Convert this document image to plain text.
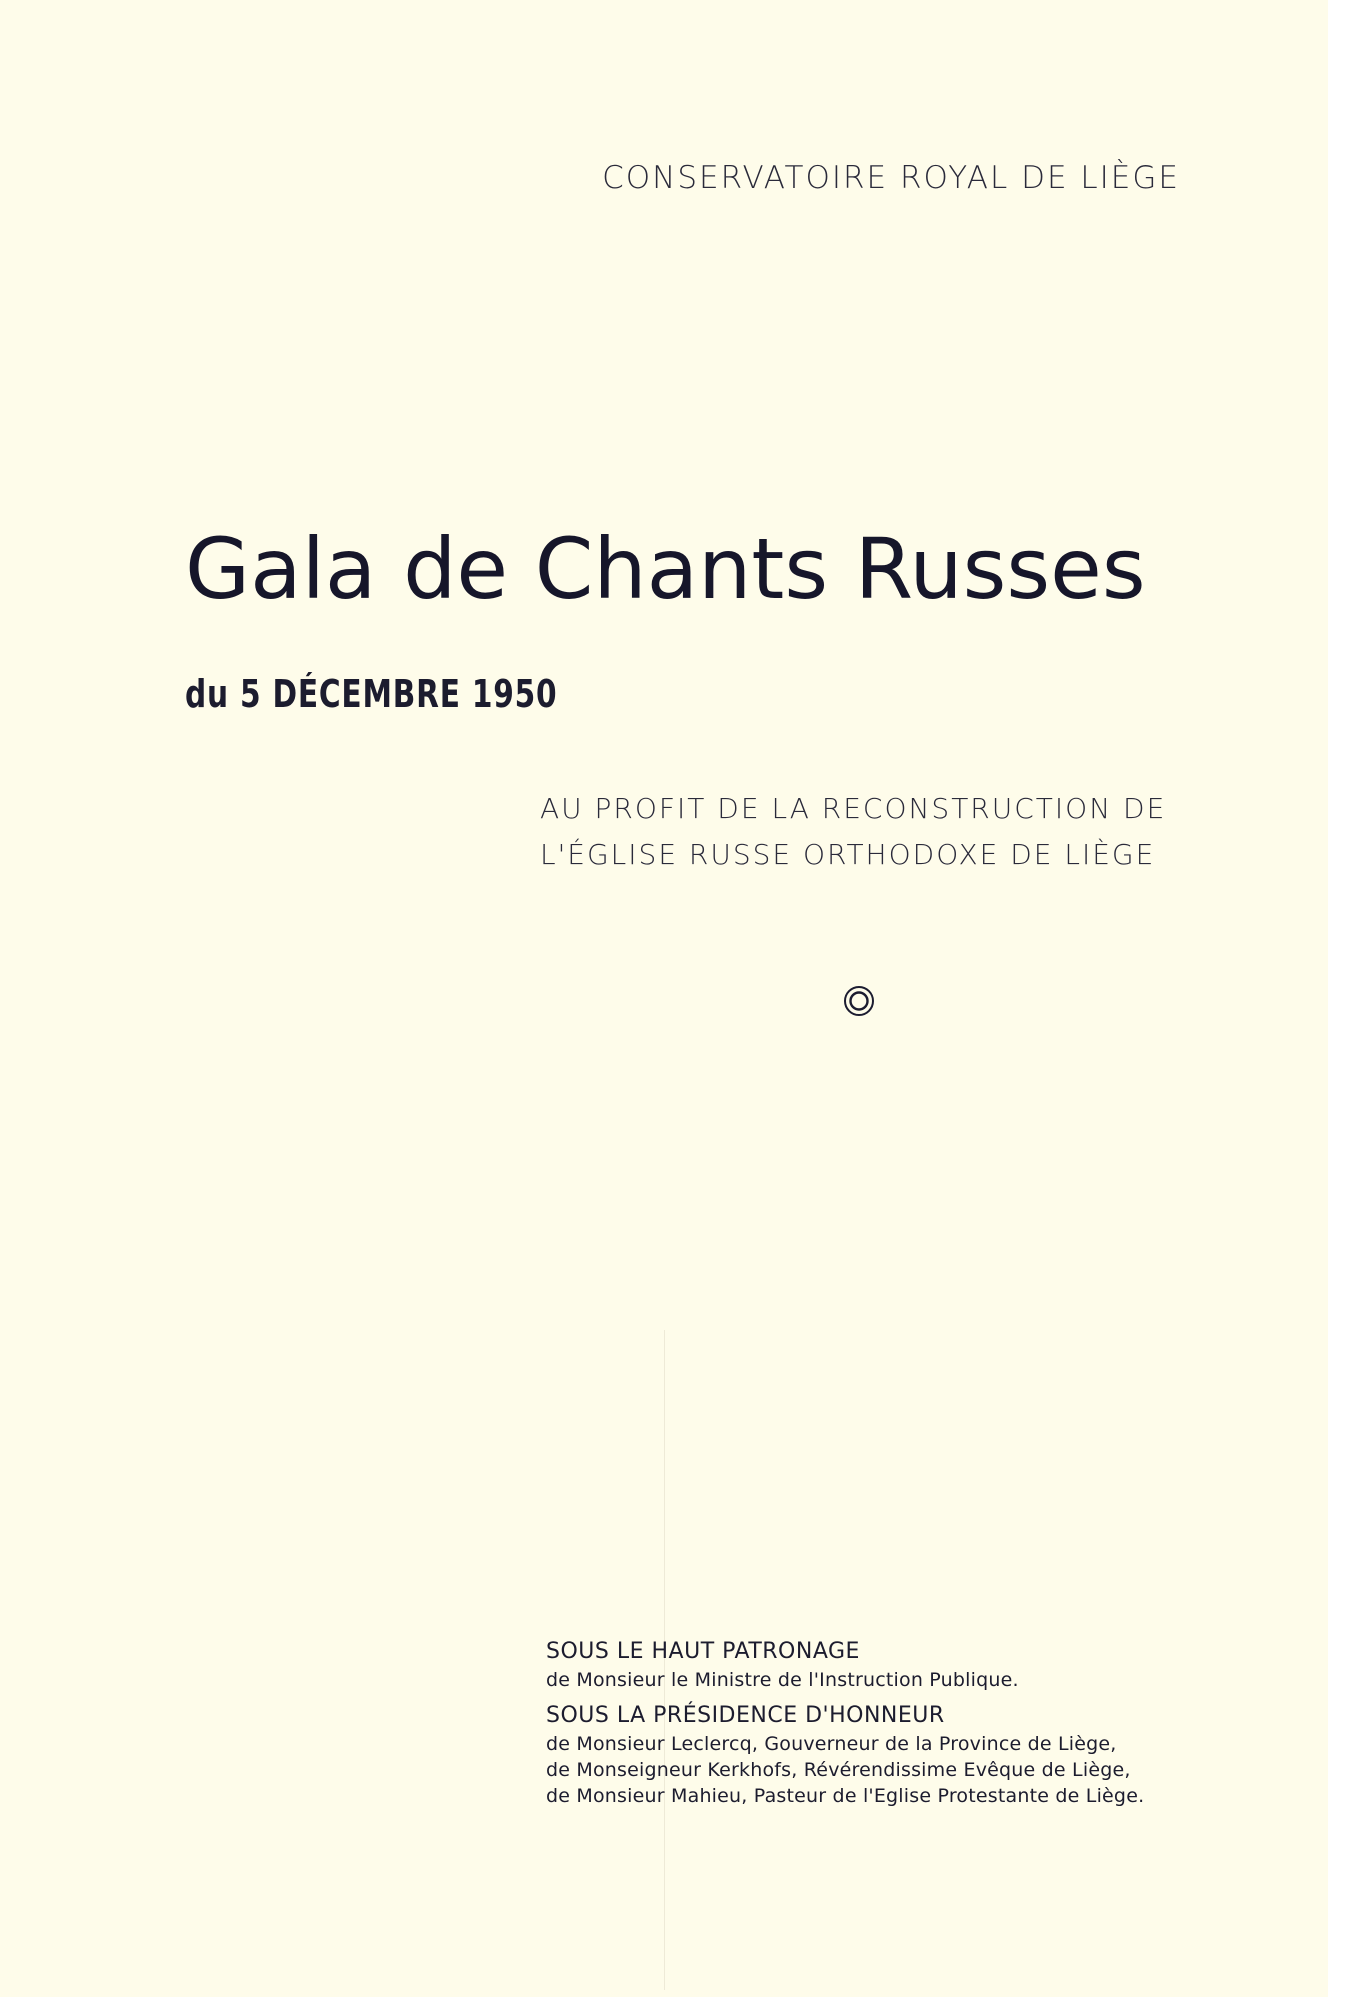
CONSERVATOIRE ROYAL DE LIÈGE
Gala de Chants Russes
du 5 DÉCEMBRE 1950
AU PROFIT DE LA RECONSTRUCTION DE
L'ÉGLISE RUSSE ORTHODOXE DE LIÈGE
SOUS LE HAUT PATRONAGE
de Monsieur le Ministre de l'Instruction Publique.
SOUS LA PRÉSIDENCE D'HONNEUR
de Monsieur Leclercq, Gouverneur de la Province de Liège,
de Monseigneur Kerkhofs, Révérendissime Evêque de Liège,
de Monsieur Mahieu, Pasteur de l'Eglise Protestante de Liège.
